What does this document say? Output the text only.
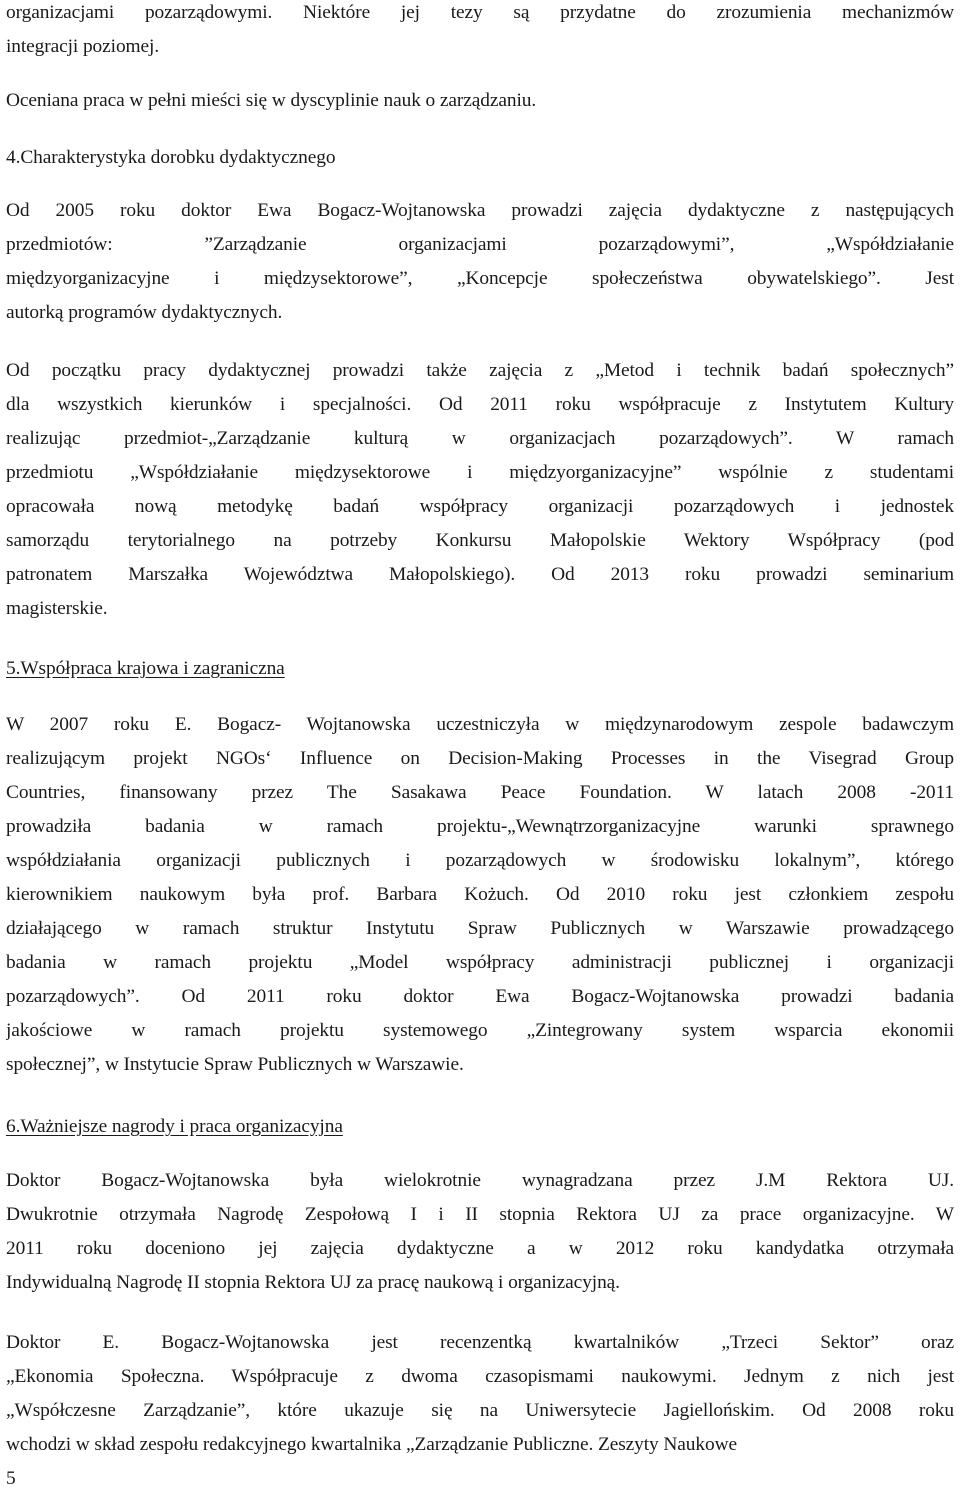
organizacjami pozarządowymi. Niektóre jej tezy są przydatne do zrozumienia mechanizmów
integracji poziomej.
Oceniana praca w pełni mieści się w dyscyplinie nauk o zarządzaniu.
4.Charakterystyka dorobku dydaktycznego
Od 2005 roku doktor Ewa Bogacz-Wojtanowska prowadzi zajęcia dydaktyczne z następujących
przedmiotów: ”Zarządzanie organizacjami pozarządowymi”, „Współdziałanie
międzyorganizacyjne i międzysektorowe”, „Koncepcje społeczeństwa obywatelskiego”. Jest
autorką programów dydaktycznych.
Od początku pracy dydaktycznej prowadzi także zajęcia z „Metod i technik badań społecznych”
dla wszystkich kierunków i specjalności. Od 2011 roku współpracuje z Instytutem Kultury
realizując przedmiot-„Zarządzanie kulturą w organizacjach pozarządowych”. W ramach
przedmiotu „Współdziałanie międzysektorowe i międzyorganizacyjne” wspólnie z studentami
opracowała nową metodykę badań współpracy organizacji pozarządowych i jednostek
samorządu terytorialnego na potrzeby Konkursu Małopolskie Wektory Współpracy (pod
patronatem Marszałka Województwa Małopolskiego). Od 2013 roku prowadzi seminarium
magisterskie.
5.Współpraca krajowa i zagraniczna
W 2007 roku E. Bogacz- Wojtanowska uczestniczyła w międzynarodowym zespole badawczym
realizującym projekt NGOs‘ Influence on Decision-Making Processes in the Visegrad Group
Countries, finansowany przez The Sasakawa Peace Foundation. W latach 2008 -2011
prowadziła badania w ramach projektu-„Wewnątrzorganizacyjne warunki sprawnego
współdziałania organizacji publicznych i pozarządowych w środowisku lokalnym”, którego
kierownikiem naukowym była prof. Barbara Kożuch. Od 2010 roku jest członkiem zespołu
działającego w ramach struktur Instytutu Spraw Publicznych w Warszawie prowadzącego
badania w ramach projektu „Model współpracy administracji publicznej i organizacji
pozarządowych”. Od 2011 roku doktor Ewa Bogacz-Wojtanowska prowadzi badania
jakościowe w ramach projektu systemowego „Zintegrowany system wsparcia ekonomii
społecznej”, w Instytucie Spraw Publicznych w Warszawie.
6.Ważniejsze nagrody i praca organizacyjna
Doktor Bogacz-Wojtanowska była wielokrotnie wynagradzana przez J.M Rektora UJ.
Dwukrotnie otrzymała Nagrodę Zespołową I i II stopnia Rektora UJ za prace organizacyjne. W
2011 roku doceniono jej zajęcia dydaktyczne a w 2012 roku kandydatka otrzymała
Indywidualną Nagrodę II stopnia Rektora UJ za pracę naukową i organizacyjną.
Doktor E. Bogacz-Wojtanowska jest recenzentką kwartalników „Trzeci Sektor” oraz
„Ekonomia Społeczna. Współpracuje z dwoma czasopismami naukowymi. Jednym z nich jest
„Współczesne Zarządzanie”, które ukazuje się na Uniwersytecie Jagiellońskim. Od 2008 roku
wchodzi w skład zespołu redakcyjnego kwartalnika „Zarządzanie Publiczne. Zeszyty Naukowe
5
